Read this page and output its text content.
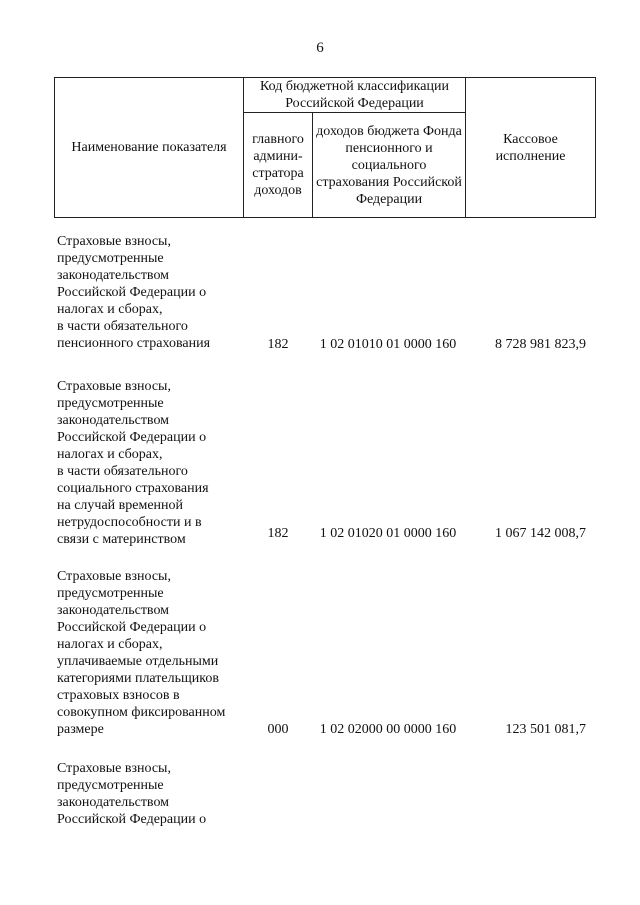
6
Наименование показателя	Код бюджетной классификации Российской Федерации		Кассовое исполнение
	главного админи-стратора доходов	доходов бюджета Фонда пенсионного и социального страхования Российской Федерации	
Страховые взносы,
предусмотренные
законодательством
Российской Федерации о
налогах и сборах,
в части обязательного
пенсионного страхования	182	1 02 01010 01 0000 160	8 728 981 823,9
Страховые взносы,
предусмотренные
законодательством
Российской Федерации о
налогах и сборах,
в части обязательного
социального страхования
на случай временной
нетрудоспособности и в
связи с материнством	182	1 02 01020 01 0000 160	1 067 142 008,7
Страховые взносы,
предусмотренные
законодательством
Российской Федерации о
налогах и сборах,
уплачиваемые отдельными
категориями плательщиков
страховых взносов в
совокупном фиксированном
размере	000	1 02 02000 00 0000 160	123 501 081,7
Страховые взносы,
предусмотренные
законодательством
Российской Федерации о
